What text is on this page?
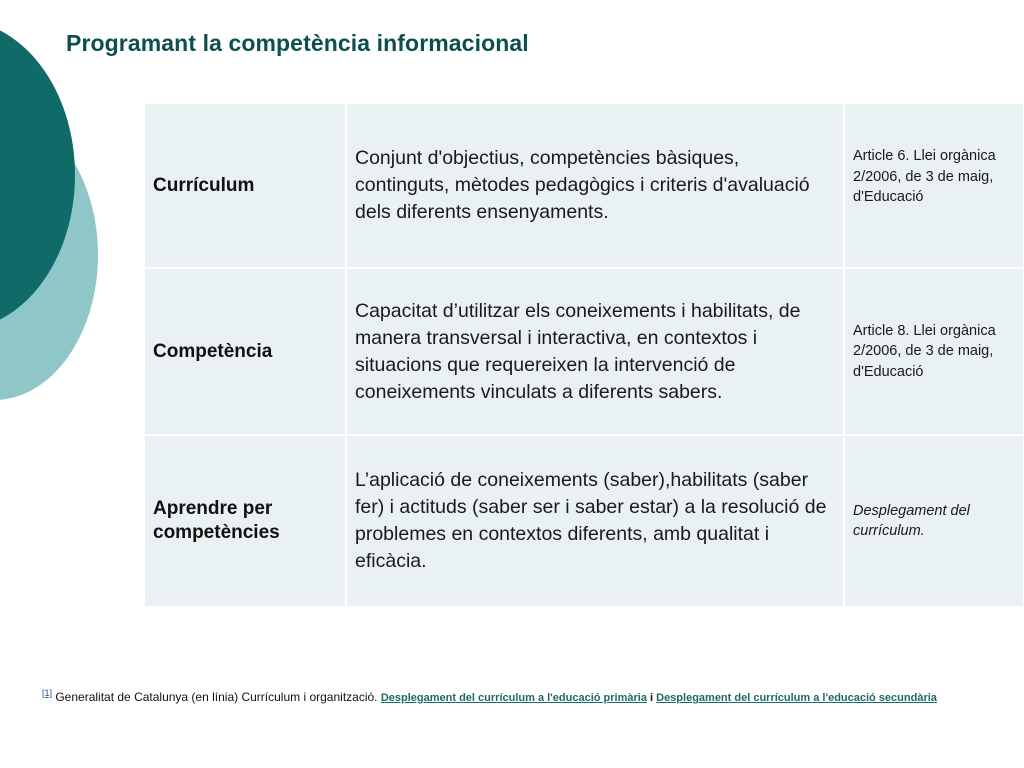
Programant la competència informacional
Currículum	Conjunt d'objectius, competències bàsiques, continguts, mètodes pedagògics i criteris d'avaluació dels diferents ensenyaments.	Article 6. Llei orgànica 2/2006, de 3 de maig, d'Educació

Competència	Capacitat d’utilitzar els coneixements i habilitats, de manera transversal i interactiva, en contextos i situacions que requereixen la intervenció de coneixements vinculats a diferents sabers.	Article 8. Llei orgànica 2/2006, de 3 de maig, d'Educació
Aprendre per competències	L’aplicació de coneixements (saber),habilitats (saber fer) i actituds (saber ser i saber estar) a la resolució de problemes en contextos diferents, amb qualitat i eficàcia.	Desplegament del currículum.
[1] Generalitat de Catalunya (en línia) Currículum i organització. Desplegament del currículum a l'educació primària i Desplegament del currículum a l'educació secundària
